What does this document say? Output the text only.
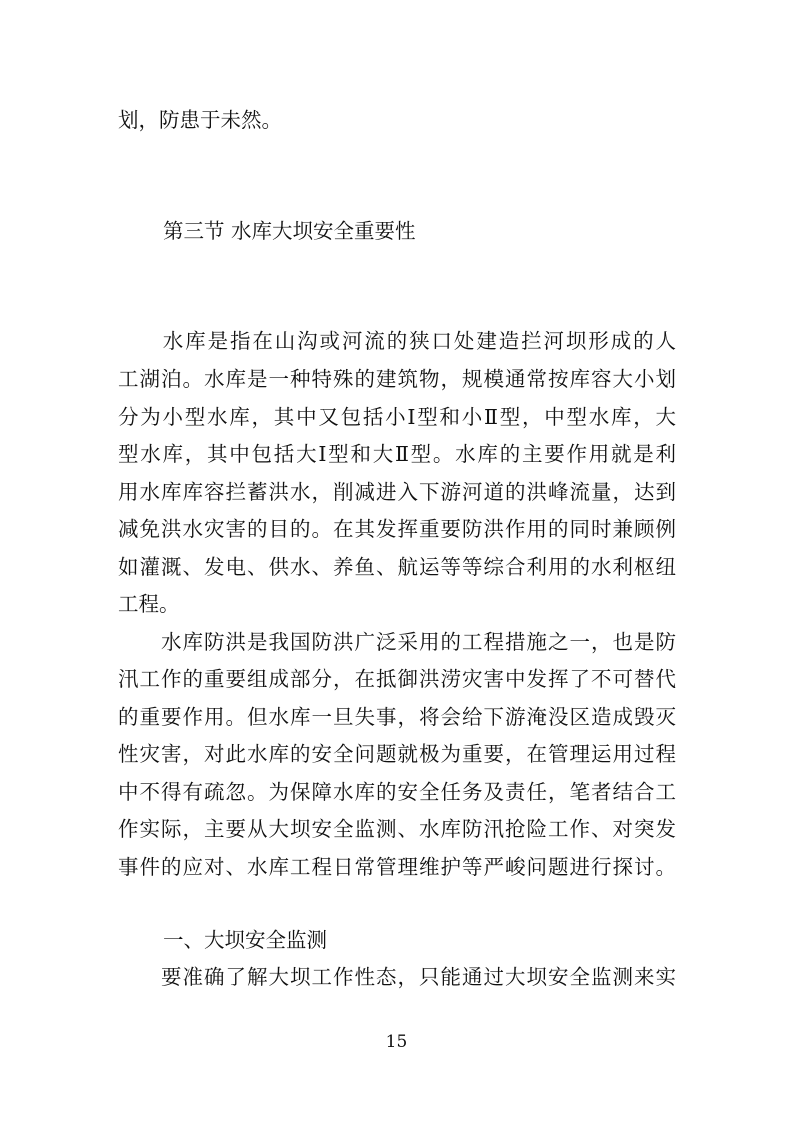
划，防患于未然。
第三节 水库大坝安全重要性
　　水库是指在山沟或河流的狭口处建造拦河坝形成的人
工湖泊。水库是一种特殊的建筑物，规模通常按库容大小划
分为小型水库，其中又包括小Ⅰ型和小Ⅱ型，中型水库，大
型水库，其中包括大Ⅰ型和大Ⅱ型。水库的主要作用就是利
用水库库容拦蓄洪水，削减进入下游河道的洪峰流量，达到
减免洪水灾害的目的。在其发挥重要防洪作用的同时兼顾例
如灌溉、发电、供水、养鱼、航运等等综合利用的水利枢纽
工程。
　　水库防洪是我国防洪广泛采用的工程措施之一，也是防
汛工作的重要组成部分，在抵御洪涝灾害中发挥了不可替代
的重要作用。但水库一旦失事，将会给下游淹没区造成毁灭
性灾害，对此水库的安全问题就极为重要，在管理运用过程
中不得有疏忽。为保障水库的安全任务及责任，笔者结合工
作实际，主要从大坝安全监测、水库防汛抢险工作、对突发
事件的应对、水库工程日常管理维护等严峻问题进行探讨。
一、大坝安全监测
　　要准确了解大坝工作性态，只能通过大坝安全监测来实
15
